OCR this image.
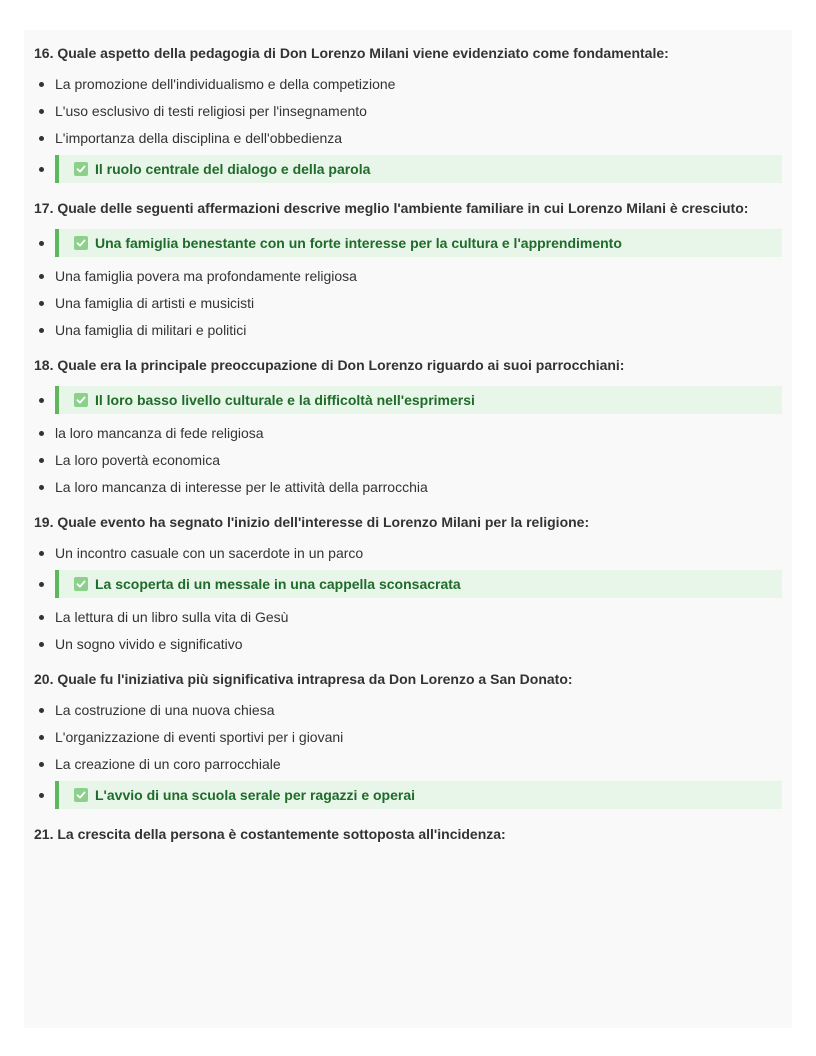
16. Quale aspetto della pedagogia di Don Lorenzo Milani viene evidenziato come fondamentale:
La promozione dell'individualismo e della competizione
L'uso esclusivo di testi religiosi per l'insegnamento
L'importanza della disciplina e dell'obbedienza
Il ruolo centrale del dialogo e della parola
17. Quale delle seguenti affermazioni descrive meglio l'ambiente familiare in cui Lorenzo Milani è cresciuto:
Una famiglia benestante con un forte interesse per la cultura e l'apprendimento
Una famiglia povera ma profondamente religiosa
Una famiglia di artisti e musicisti
Una famiglia di militari e politici
18. Quale era la principale preoccupazione di Don Lorenzo riguardo ai suoi parrocchiani:
Il loro basso livello culturale e la difficoltà nell'esprimersi
la loro mancanza di fede religiosa
La loro povertà economica
La loro mancanza di interesse per le attività della parrocchia
19. Quale evento ha segnato l'inizio dell'interesse di Lorenzo Milani per la religione:
Un incontro casuale con un sacerdote in un parco
La scoperta di un messale in una cappella sconsacrata
La lettura di un libro sulla vita di Gesù
Un sogno vivido e significativo
20. Quale fu l'iniziativa più significativa intrapresa da Don Lorenzo a San Donato:
La costruzione di una nuova chiesa
L'organizzazione di eventi sportivi per i giovani
La creazione di un coro parrocchiale
L'avvio di una scuola serale per ragazzi e operai
21. La crescita della persona è costantemente sottoposta all'incidenza:
